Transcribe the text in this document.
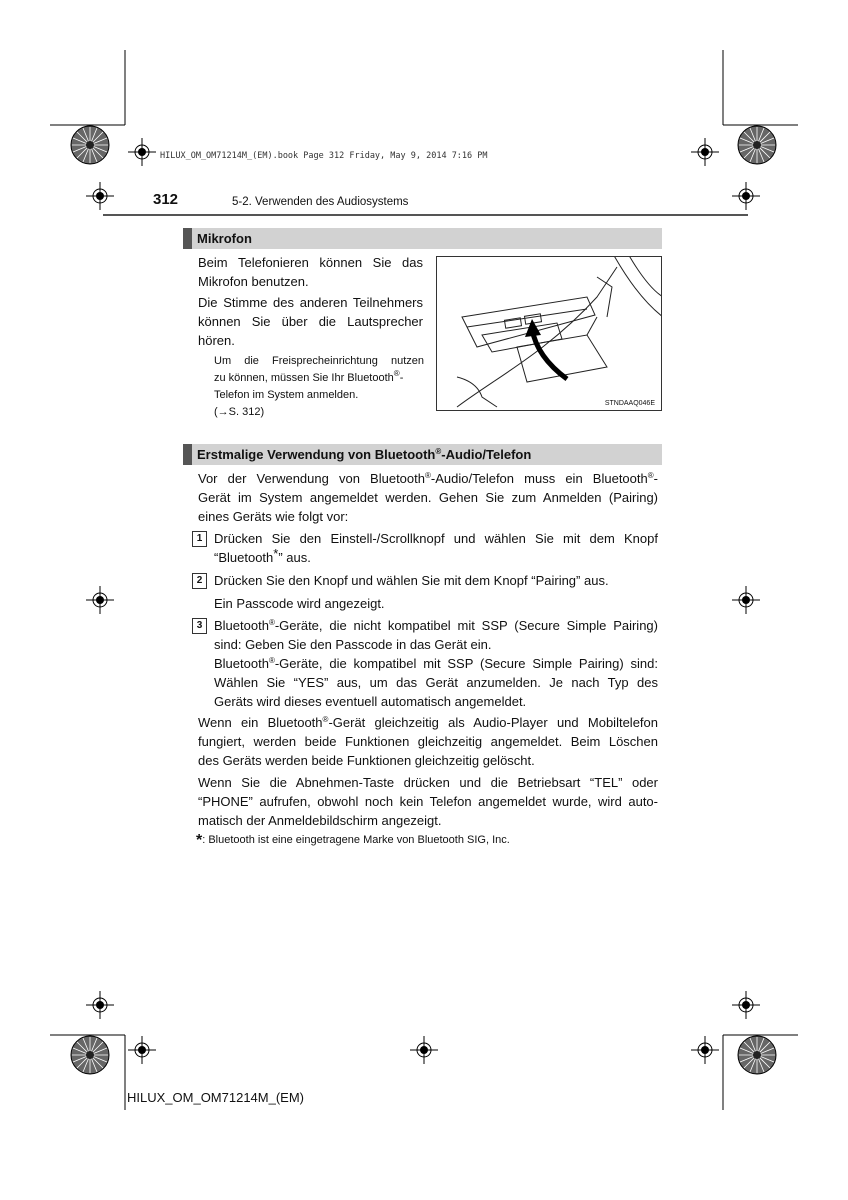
HILUX_OM_OM71214M_(EM).book Page 312 Friday, May 9, 2014 7:16 PM
312	5-2. Verwenden des Audiosystems
Mikrofon
Beim Telefonieren können Sie das Mikrofon benutzen.
Die Stimme des anderen Teilnehmers können Sie über die Lautsprecher hören.
Um die Freisprecheinrichtung nutzen
zu können, müssen Sie Ihr Bluetooth®-
Telefon im System anmelden.
(→S. 312)
STNDAAQ046E
Erstmalige Verwendung von Bluetooth®-Audio/Telefon
Vor der Verwendung von Bluetooth®-Audio/Telefon muss ein Bluetooth®-
Gerät im System angemeldet werden. Gehen Sie zum Anmelden (Pairing)
eines Geräts wie folgt vor:
1 Drücken Sie den Einstell-/Scrollknopf und wählen Sie mit dem Knopf
“Bluetooth*” aus.
2 Drücken Sie den Knopf und wählen Sie mit dem Knopf “Pairing” aus.
Ein Passcode wird angezeigt.
3 Bluetooth®-Geräte, die nicht kompatibel mit SSP (Secure Simple Pairing)
sind: Geben Sie den Passcode in das Gerät ein.
Bluetooth®-Geräte, die kompatibel mit SSP (Secure Simple Pairing) sind:
Wählen Sie “YES” aus, um das Gerät anzumelden. Je nach Typ des
Geräts wird dieses eventuell automatisch angemeldet.
Wenn ein Bluetooth®-Gerät gleichzeitig als Audio-Player und Mobiltelefon
fungiert, werden beide Funktionen gleichzeitig angemeldet. Beim Löschen
des Geräts werden beide Funktionen gleichzeitig gelöscht.
Wenn Sie die Abnehmen-Taste drücken und die Betriebsart “TEL” oder
“PHONE” aufrufen, obwohl noch kein Telefon angemeldet wurde, wird auto-
matisch der Anmeldebildschirm angezeigt.
*: Bluetooth ist eine eingetragene Marke von Bluetooth SIG, Inc.
HILUX_OM_OM71214M_(EM)
